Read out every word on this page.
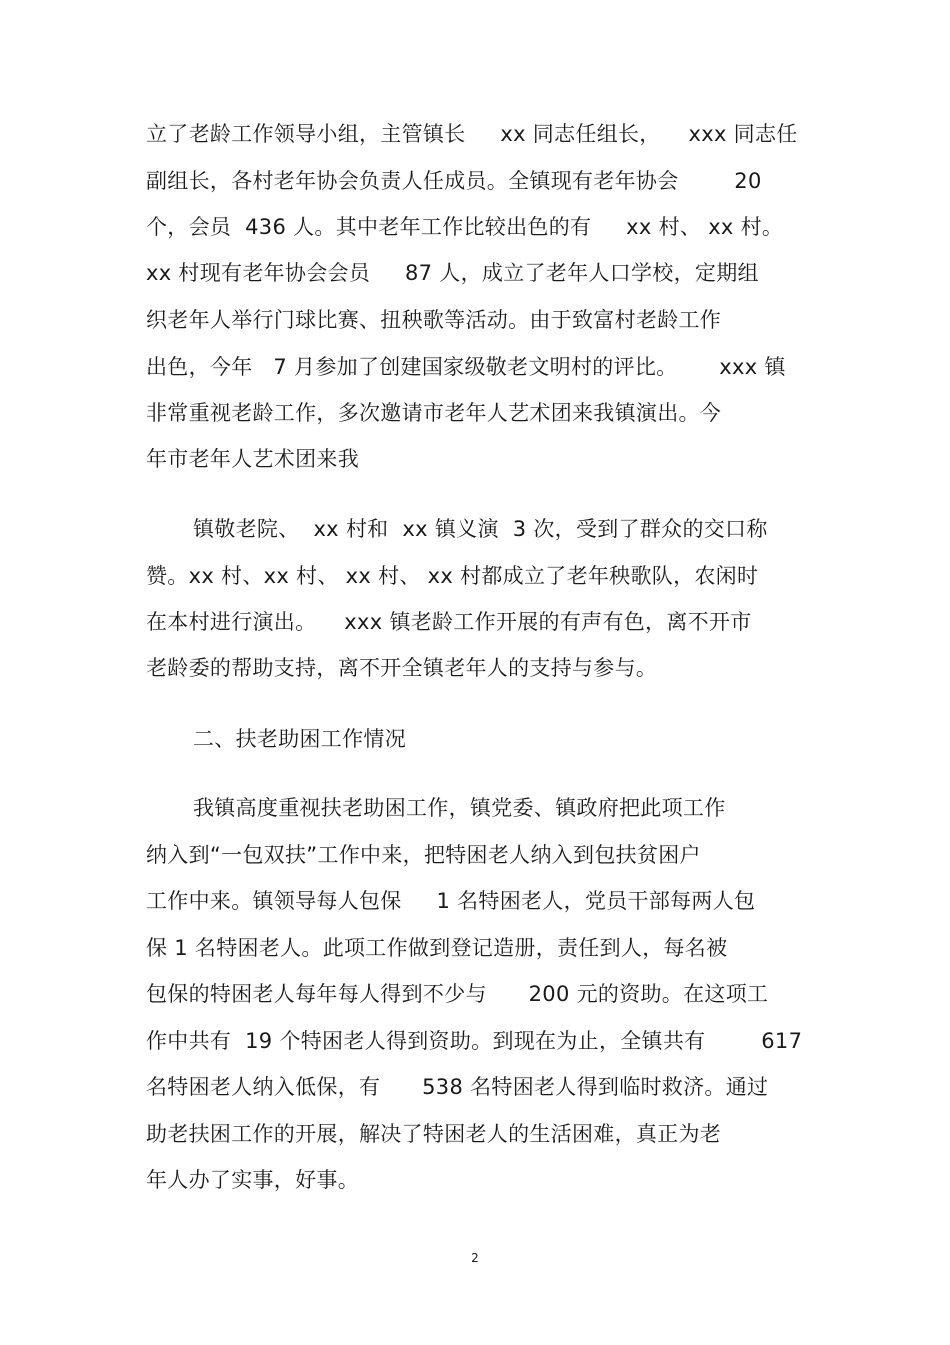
立了老龄工作领导小组，主管镇长     xx 同志任组长，    xxx 同志任
副组长，各村老年协会负责人任成员。全镇现有老年协会        20
个，会员  436 人。其中老年工作比较出色的有     xx 村、 xx 村。
xx 村现有老年协会会员     87 人，成立了老年人口学校，定期组
织老年人举行门球比赛、扭秧歌等活动。由于致富村老龄工作
出色，今年   7 月参加了创建国家级敬老文明村的评比。      xxx 镇
非常重视老龄工作，多次邀请市老年人艺术团来我镇演出。今
年市老年人艺术团来我
镇敬老院、  xx 村和  xx 镇义演  3 次，受到了群众的交口称
赞。xx 村、xx 村、 xx 村、 xx 村都成立了老年秧歌队，农闲时
在本村进行演出。    xxx 镇老龄工作开展的有声有色，离不开市
老龄委的帮助支持，离不开全镇老年人的支持与参与。
二、扶老助困工作情况
我镇高度重视扶老助困工作，镇党委、镇政府把此项工作
纳入到“一包双扶”工作中来，把特困老人纳入到包扶贫困户
工作中来。镇领导每人包保     1 名特困老人，党员干部每两人包
保 1 名特困老人。此项工作做到登记造册，责任到人，每名被
包保的特困老人每年每人得到不少与      200 元的资助。在这项工
作中共有  19 个特困老人得到资助。到现在为止，全镇共有        617
名特困老人纳入低保，有      538 名特困老人得到临时救济。通过
助老扶困工作的开展，解决了特困老人的生活困难，真正为老
年人办了实事，好事。
2
